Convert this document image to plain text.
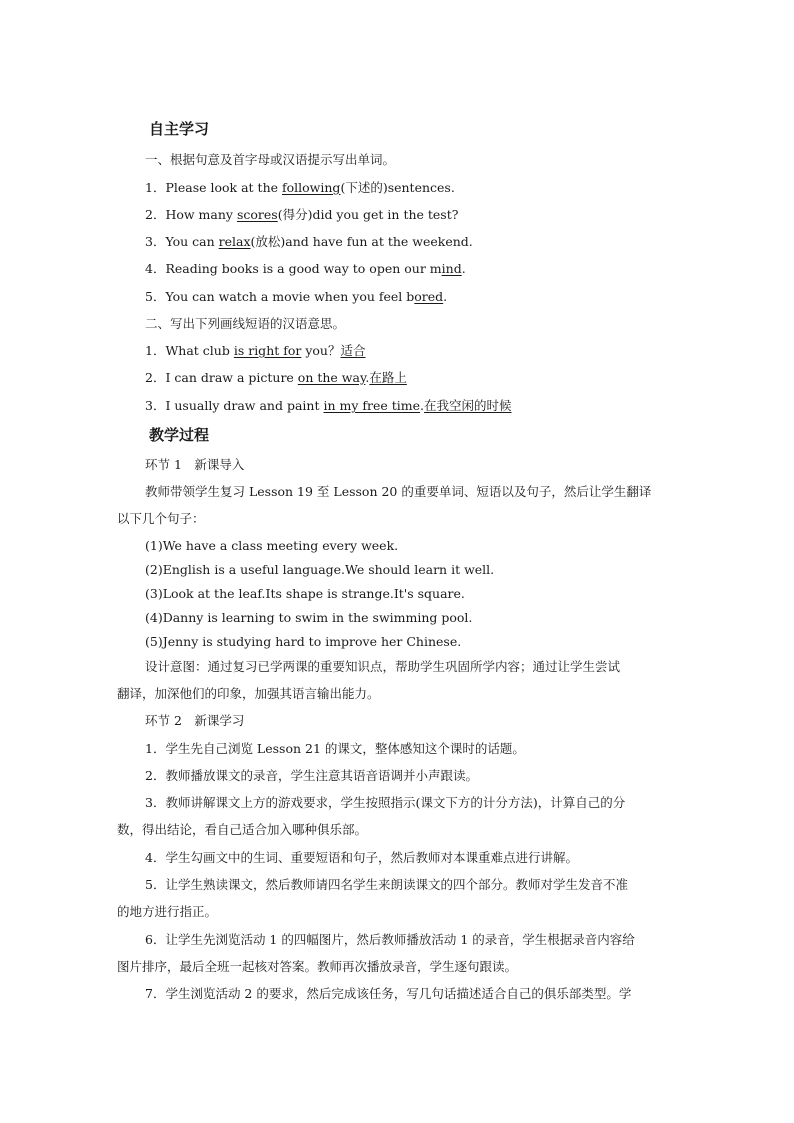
自主学习
一、根据句意及首字母或汉语提示写出单词。
1．Please look at the following(下述的)sentences.
2．How many scores(得分)did you get in the test?
3．You can relax(放松)and have fun at the weekend.
4．Reading books is a good way to open our mind.
5．You can watch a movie when you feel bored.
二、写出下列画线短语的汉语意思。
1．What club is right for you？适合
2．I can draw a picture on the way.在路上
3．I usually draw and paint in my free time.在我空闲的时候
教学过程
环节 1　新课导入
教师带领学生复习 Lesson 19 至 Lesson 20 的重要单词、短语以及句子，然后让学生翻译
以下几个句子：
(1)We have a class meeting every week.
(2)English is a useful language.We should learn it well.
(3)Look at the leaf.Its shape is strange.It's square.
(4)Danny is learning to swim in the swimming pool.
(5)Jenny is studying hard to improve her Chinese.
设计意图：通过复习已学两课的重要知识点，帮助学生巩固所学内容；通过让学生尝试
翻译，加深他们的印象，加强其语言输出能力。
环节 2　新课学习
1．学生先自己浏览 Lesson 21 的课文，整体感知这个课时的话题。
2．教师播放课文的录音，学生注意其语音语调并小声跟读。
3．教师讲解课文上方的游戏要求，学生按照指示(课文下方的计分方法)，计算自己的分
数，得出结论，看自己适合加入哪种俱乐部。
4．学生勾画文中的生词、重要短语和句子，然后教师对本课重难点进行讲解。
5．让学生熟读课文，然后教师请四名学生来朗读课文的四个部分。教师对学生发音不准
的地方进行指正。
6．让学生先浏览活动 1 的四幅图片，然后教师播放活动 1 的录音，学生根据录音内容给
图片排序，最后全班一起核对答案。教师再次播放录音，学生逐句跟读。
7．学生浏览活动 2 的要求，然后完成该任务，写几句话描述适合自己的俱乐部类型。学
